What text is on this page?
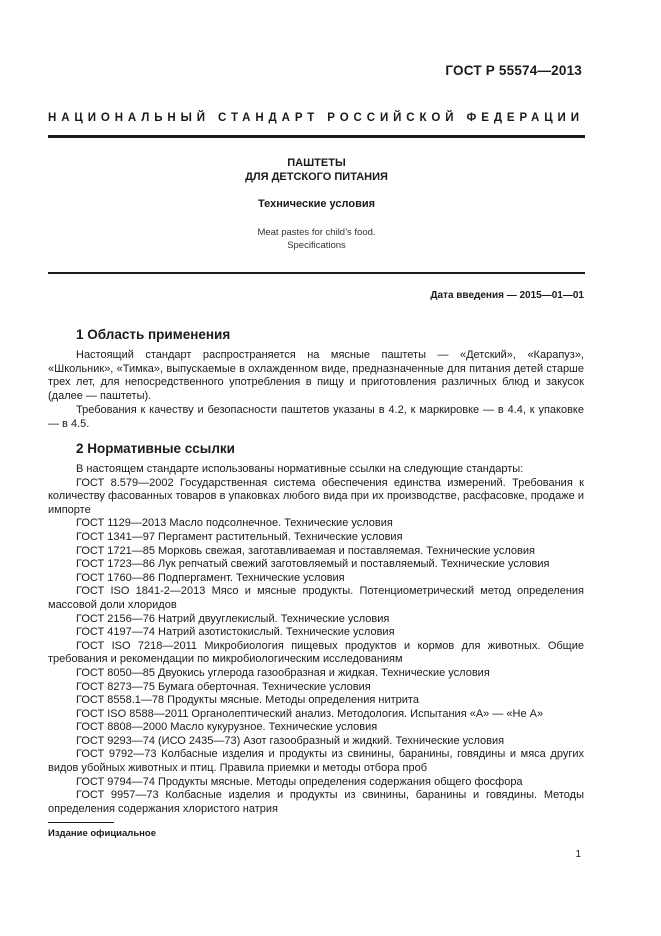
ГОСТ Р 55574—2013
НАЦИОНАЛЬНЫЙ СТАНДАРТ РОССИЙСКОЙ ФЕДЕРАЦИИ
ПАШТЕТЫ
ДЛЯ ДЕТСКОГО ПИТАНИЯ
Технические условия
Meat pastes for child’s food.
Specifications
Дата введения — 2015—01—01
1 Область применения
Настоящий стандарт распространяется на мясные паштеты — «Детский», «Карапуз», «Школьник», «Тимка», выпускаемые в охлажденном виде, предназначенные для питания детей старше трех лет, для непосредственного употребления в пищу и приготовления различных блюд и закусок (далее — паштеты).
Требования к качеству и безопасности паштетов указаны в 4.2, к маркировке — в 4.4, к упаковке — в 4.5.
2 Нормативные ссылки
В настоящем стандарте использованы нормативные ссылки на следующие стандарты:
ГОСТ 8.579—2002 Государственная система обеспечения единства измерений. Требования к количеству фасованных товаров в упаковках любого вида при их производстве, расфасовке, продаже и импорте
ГОСТ 1129—2013 Масло подсолнечное. Технические условия
ГОСТ 1341—97 Пергамент растительный. Технические условия
ГОСТ 1721—85 Морковь свежая, заготавливаемая и поставляемая. Технические условия
ГОСТ 1723—86 Лук репчатый свежий заготовляемый и поставляемый. Технические условия
ГОСТ 1760—86 Подпергамент. Технические условия
ГОСТ ISO 1841-2—2013 Мясо и мясные продукты. Потенциометрический метод определения массовой доли хлоридов
ГОСТ 2156—76 Натрий двууглекислый. Технические условия
ГОСТ 4197—74 Натрий азотистокислый. Технические условия
ГОСТ ISO 7218—2011 Микробиология пищевых продуктов и кормов для животных. Общие требования и рекомендации по микробиологическим исследованиям
ГОСТ 8050—85 Двуокись углерода газообразная и жидкая. Технические условия
ГОСТ 8273—75 Бумага оберточная. Технические условия
ГОСТ 8558.1—78 Продукты мясные. Методы определения нитрита
ГОСТ ISO 8588—2011 Органолептический анализ. Методология. Испытания «А» — «Не А»
ГОСТ 8808—2000 Масло кукурузное. Технические условия
ГОСТ 9293—74 (ИСО 2435—73) Азот газообразный и жидкий. Технические условия
ГОСТ 9792—73 Колбасные изделия и продукты из свинины, баранины, говядины и мяса других видов убойных животных и птиц. Правила приемки и методы отбора проб
ГОСТ 9794—74 Продукты мясные. Методы определения содержания общего фосфора
ГОСТ 9957—73 Колбасные изделия и продукты из свинины, баранины и говядины. Методы определения содержания хлористого натрия
Издание официальное
1
